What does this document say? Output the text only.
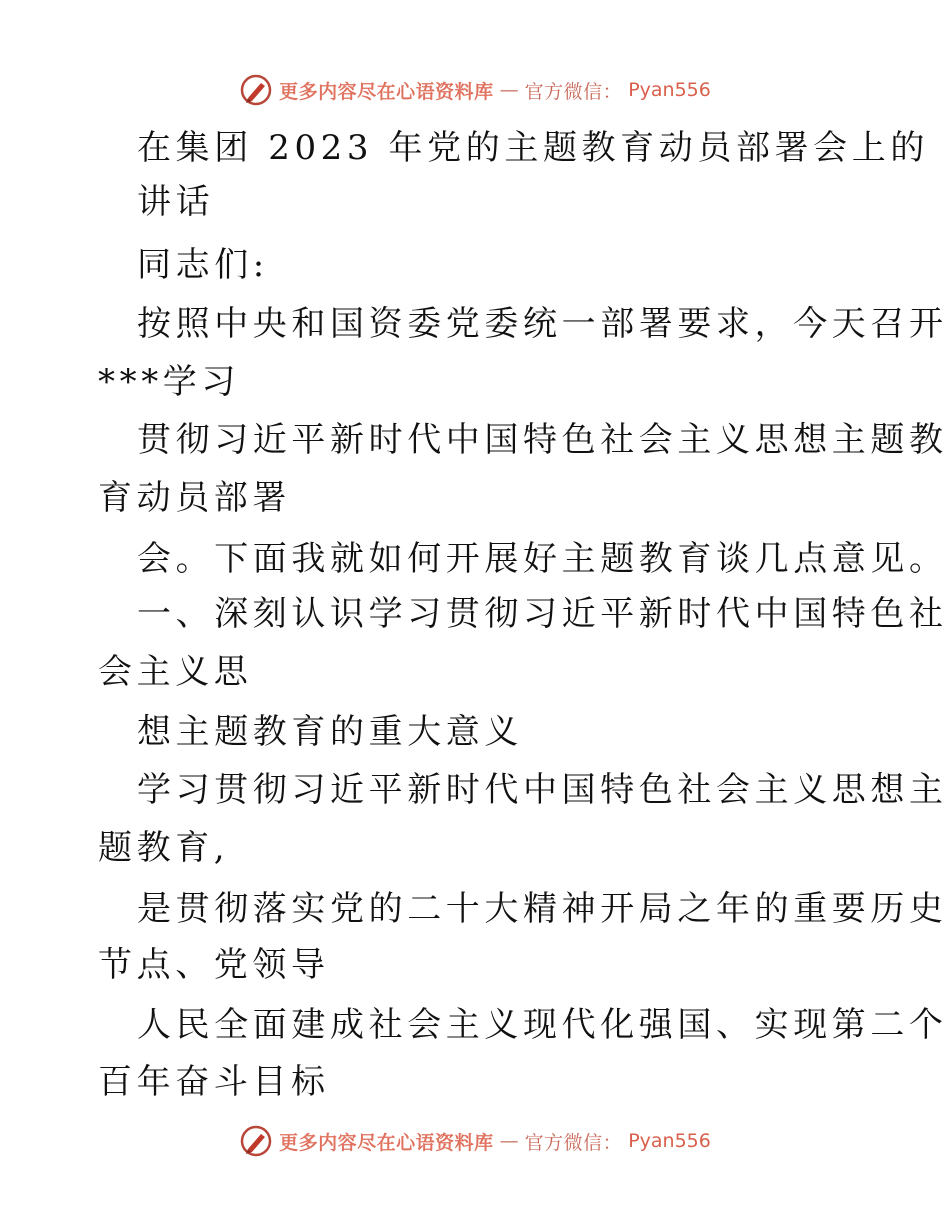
更多内容尽在心语资料库 — 官方微信： Pyan556
在集团 2023 年党的主题教育动员部署会上的
讲话
同志们:
按照中央和国资委党委统一部署要求，今天召开
***学习
贯彻习近平新时代中国特色社会主义思想主题教
育动员部署
会。下面我就如何开展好主题教育谈几点意见。
一、深刻认识学习贯彻习近平新时代中国特色社
会主义思
想主题教育的重大意义
学习贯彻习近平新时代中国特色社会主义思想主
题教育,
是贯彻落实党的二十大精神开局之年的重要历史
节点、党领导
人民全面建成社会主义现代化强国、实现第二个
百年奋斗目标
更多内容尽在心语资料库 — 官方微信： Pyan556
